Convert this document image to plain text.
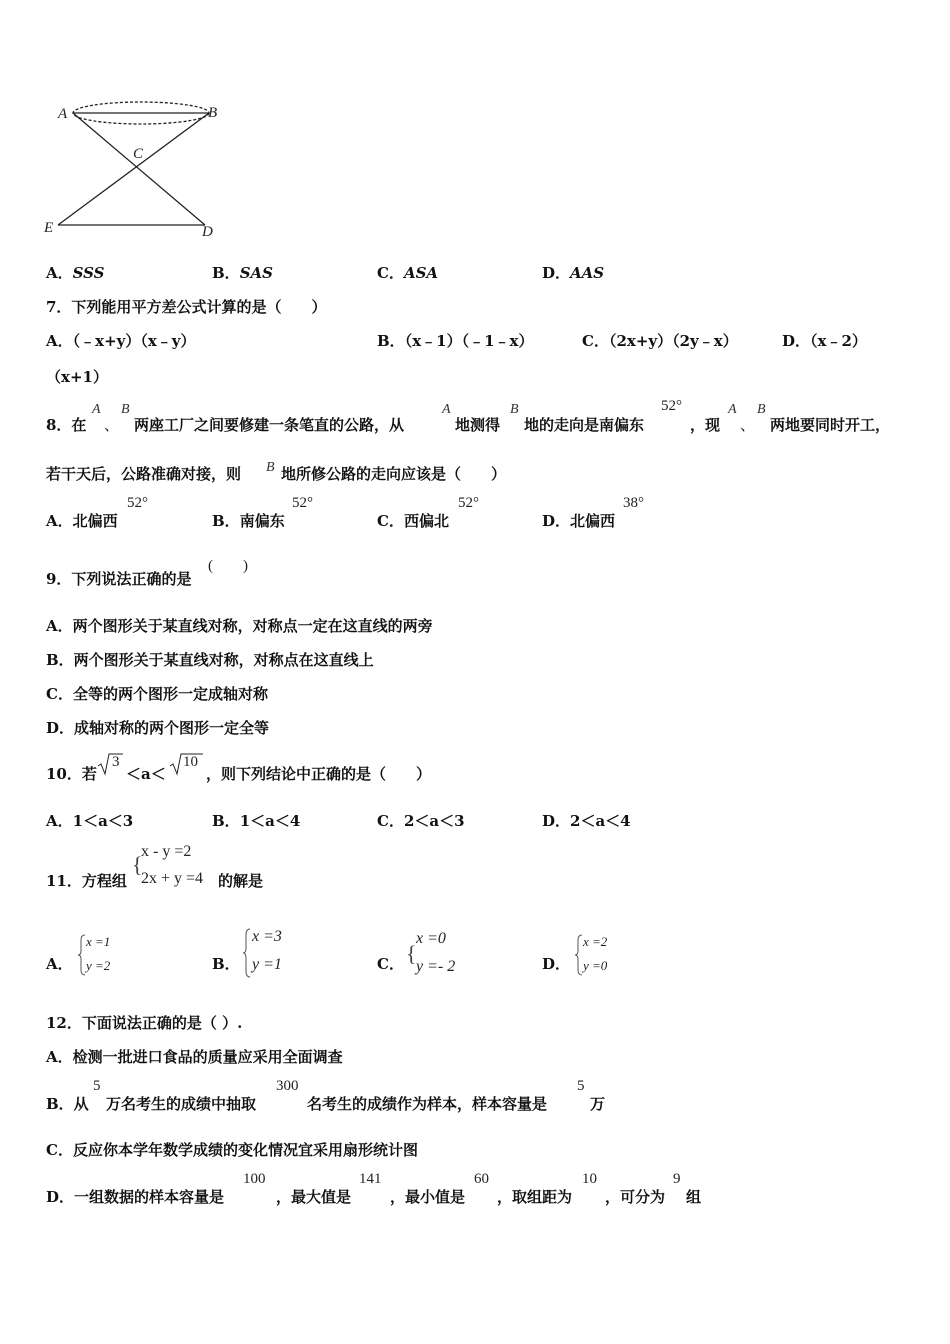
A	B
C
D
E
A．SSS	B．SAS	C．ASA	D．AAS
7．下列能用平方差公式计算的是（　　）
A．（﹣x+y）（x﹣y）	B．（x﹣1）（﹣1﹣x）	C．（2x+y）（2y﹣x）	D．（x﹣2）
（x+1）
8．在
A
、
B
两座工厂之间要修建一条笔直的公路，从
A
地测得
B
地的走向是南偏东
52°
，现
A
、
B
两地要同时开工，
若干天后，公路准确对接，则 B 地所修公路的走向应该是（　　）
A．北偏西
52°
B．南偏东
52°
C．西偏北
52°
D．北偏西
38°
9．下列说法正确的是
(　　)
A．两个图形关于某直线对称，对称点一定在这直线的两旁
B．两个图形关于某直线对称，对称点在这直线上
C．全等的两个图形一定成轴对称
D．成轴对称的两个图形一定全等
10．若
3
＜a＜
10
，则下列结论中正确的是（　　）
A．1＜a＜3	B．1＜a＜4	C．2＜a＜3	D．2＜a＜4
11．方程组
{
x - y =2
2x + y =4 的解是
A．
x =1
y =2	B．
x =3
y =1	C． {
x =0
y =- 2	D．
x =2
y =0
12．下面说法正确的是（ ）.
A．检测一批进口食品的质量应采用全面调查
B．从
5
万名考生的成绩中抽取
300
名考生的成绩作为样本，样本容量是
5
万
C．反应你本学年数学成绩的变化情况宜采用扇形统计图
D．一组数据的样本容量是
100
，最大值是
141
，最小值是
60
，取组距为
10
，可分为
9
组
